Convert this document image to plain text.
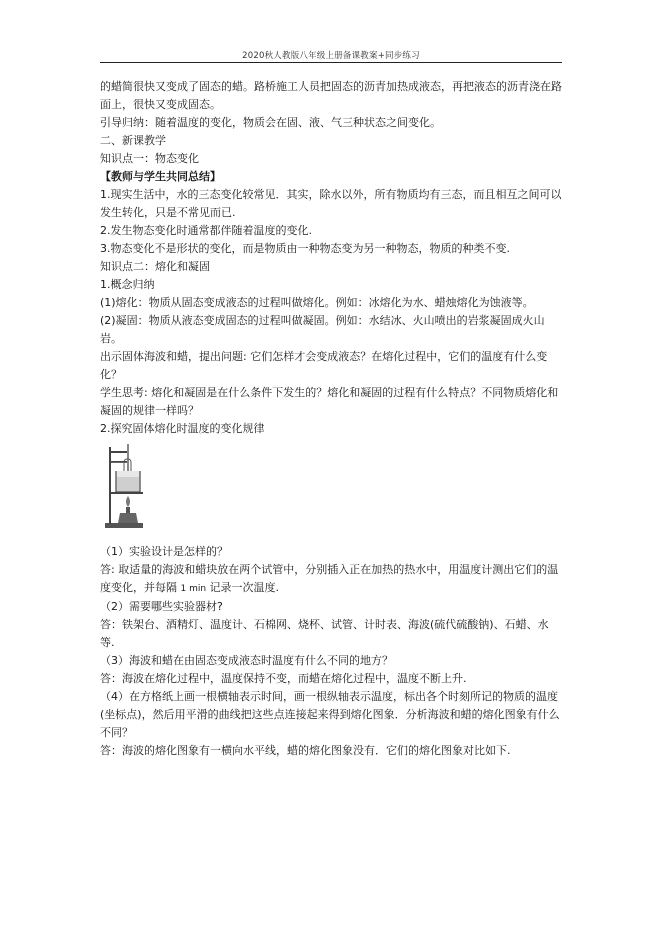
2020秋人教版八年级上册备课教案+同步练习

的蜡简很快又变成了固态的蜡。路桥施工人员把固态的沥青加热成液态，再把液态的沥青浇在路面上，很快又变成固态。

引导归纳：随着温度的变化，物质会在固、液、气三种状态之间变化。

二、新课教学

知识点一：物态变化

【教师与学生共同总结】

1.现实生活中，水的三态变化较常见．其实，除水以外，所有物质均有三态，而且相互之间可以发生转化，只是不常见而已.

2.发生物态变化时通常都伴随着温度的变化.

3.物态变化不是形状的变化，而是物质由一种物态变为另一种物态，物质的种类不变.

知识点二：熔化和凝固

1.概念归纳

(1)熔化：物质从固态变成液态的过程叫做熔化。例如：冰熔化为水、蜡烛熔化为蚀液等。

(2)凝固：物质从液态变成固态的过程叫做凝固。例如：水结冰、火山喷出的岩浆凝固成火山岩。

出示固体海波和蜡，提出问题: 它们怎样才会变成液态？在熔化过程中，它们的温度有什么变化？

学生思考: 熔化和凝固是在什么条件下发生的？熔化和凝固的过程有什么特点？不同物质熔化和凝固的规律一样吗？

2.探究固体熔化时温度的变化规律

（1）实验设计是怎样的？

答: 取适量的海波和蜡块放在两个试管中，分别插入正在加热的热水中，用温度计测出它们的温度变化，并每隔 1 min 记录一次温度.

（2）需要哪些实验器材?

答：铁架台、酒精灯、温度计、石棉网、烧杯、试管、计时表、海波(硫代硫酸钠)、石蜡、水等.

（3）海波和蜡在由固态变成液态时温度有什么不同的地方？

答：海波在熔化过程中，温度保持不变，而蜡在熔化过程中，温度不断上升.

（4）在方格纸上画一根横轴表示时间，画一根纵轴表示温度，标出各个时刻所记的物质的温度(坐标点)，然后用平滑的曲线把这些点连接起来得到熔化图象．分析海波和蜡的熔化图象有什么不同？

答：海波的熔化图象有一横向水平线，蜡的熔化图象没有．它们的熔化图象对比如下.
